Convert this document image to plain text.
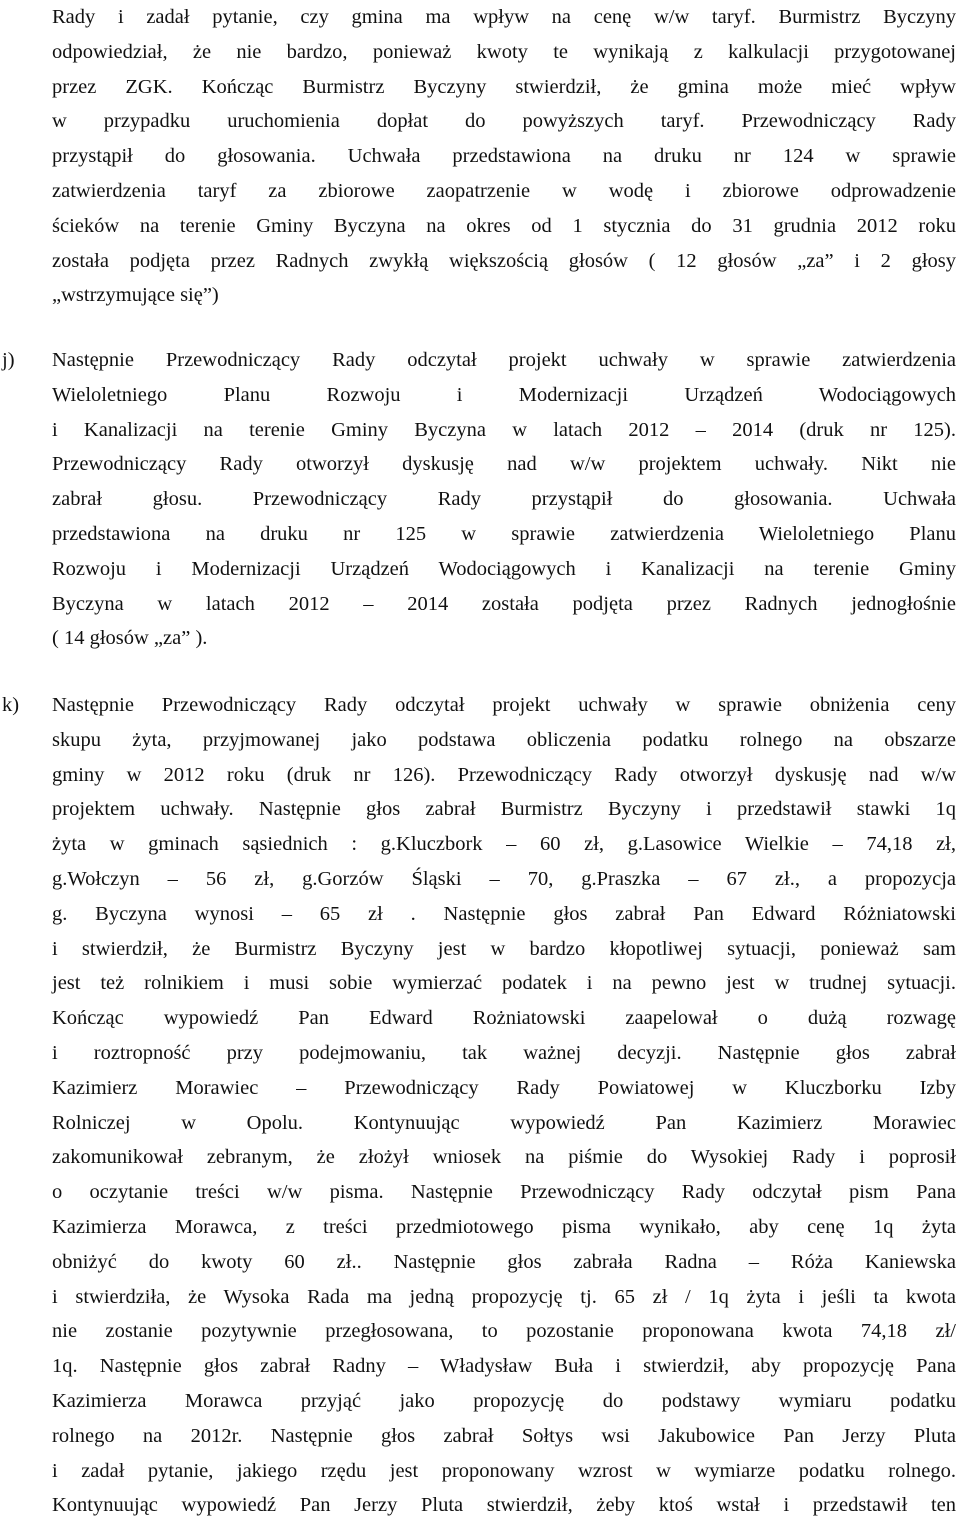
Rady i zadał pytanie, czy gmina ma wpływ na cenę w/w taryf. Burmistrz Byczyny
odpowiedział, że nie bardzo, ponieważ kwoty te wynikają z kalkulacji przygotowanej
przez ZGK. Kończąc Burmistrz Byczyny stwierdził, że gmina może mieć wpływ
w przypadku uruchomienia dopłat do powyższych taryf. Przewodniczący Rady
przystąpił do głosowania. Uchwała przedstawiona na druku nr 124 w sprawie
zatwierdzenia taryf za zbiorowe zaopatrzenie w wodę i zbiorowe odprowadzenie
ścieków na terenie Gminy Byczyna na okres od 1 stycznia do 31 grudnia 2012 roku
została podjęta przez Radnych zwykłą większością głosów ( 12 głosów „za” i 2 głosy
„wstrzymujące się”)
j) Następnie Przewodniczący Rady odczytał projekt uchwały w sprawie zatwierdzenia
Wieloletniego Planu Rozwoju i Modernizacji Urządzeń Wodociągowych
i Kanalizacji na terenie Gminy Byczyna w latach 2012 – 2014 (druk nr 125).
Przewodniczący Rady otworzył dyskusję nad w/w projektem uchwały. Nikt nie
zabrał głosu. Przewodniczący Rady przystąpił do głosowania. Uchwała
przedstawiona na druku nr 125 w sprawie zatwierdzenia Wieloletniego Planu
Rozwoju i Modernizacji Urządzeń Wodociągowych i Kanalizacji na terenie Gminy
Byczyna w latach 2012 – 2014 została podjęta przez Radnych jednogłośnie
( 14 głosów „za” ).
k) Następnie Przewodniczący Rady odczytał projekt uchwały w sprawie obniżenia ceny
skupu żyta, przyjmowanej jako podstawa obliczenia podatku rolnego na obszarze
gminy w 2012 roku (druk nr 126). Przewodniczący Rady otworzył dyskusję nad w/w
projektem uchwały. Następnie głos zabrał Burmistrz Byczyny i przedstawił stawki 1q
żyta w gminach sąsiednich : g.Kluczbork – 60 zł, g.Lasowice Wielkie – 74,18 zł,
g.Wołczyn – 56 zł, g.Gorzów Śląski – 70, g.Praszka – 67 zł., a propozycja
g. Byczyna wynosi – 65 zł . Następnie głos zabrał Pan Edward Różniatowski
i stwierdził, że Burmistrz Byczyny jest w bardzo kłopotliwej sytuacji, ponieważ sam
jest też rolnikiem i musi sobie wymierzać podatek i na pewno jest w trudnej sytuacji.
Kończąc wypowiedź Pan Edward Rożniatowski zaapelował o dużą rozwagę
i roztropność przy podejmowaniu, tak ważnej decyzji. Następnie głos zabrał
Kazimierz Morawiec – Przewodniczący Rady Powiatowej w Kluczborku Izby
Rolniczej w Opolu. Kontynuując wypowiedź Pan Kazimierz Morawiec
zakomunikował zebranym, że złożył wniosek na piśmie do Wysokiej Rady i poprosił
o oczytanie treści w/w pisma. Następnie Przewodniczący Rady odczytał pism Pana
Kazimierza Morawca, z treści przedmiotowego pisma wynikało, aby cenę 1q żyta
obniżyć do kwoty 60 zł.. Następnie głos zabrała Radna – Róża Kaniewska
i stwierdziła, że Wysoka Rada ma jedną propozycję tj. 65 zł / 1q żyta i jeśli ta kwota
nie zostanie pozytywnie przegłosowana, to pozostanie proponowana kwota 74,18 zł/
1q. Następnie głos zabrał Radny – Władysław Buła i stwierdził, aby propozycję Pana
Kazimierza Morawca przyjąć jako propozycję do podstawy wymiaru podatku
rolnego na 2012r. Następnie głos zabrał Sołtys wsi Jakubowice Pan Jerzy Pluta
i zadał pytanie, jakiego rzędu jest proponowany wzrost w wymiarze podatku rolnego.
Kontynuując wypowiedź Pan Jerzy Pluta stwierdził, żeby ktoś wstał i przedstawił ten
